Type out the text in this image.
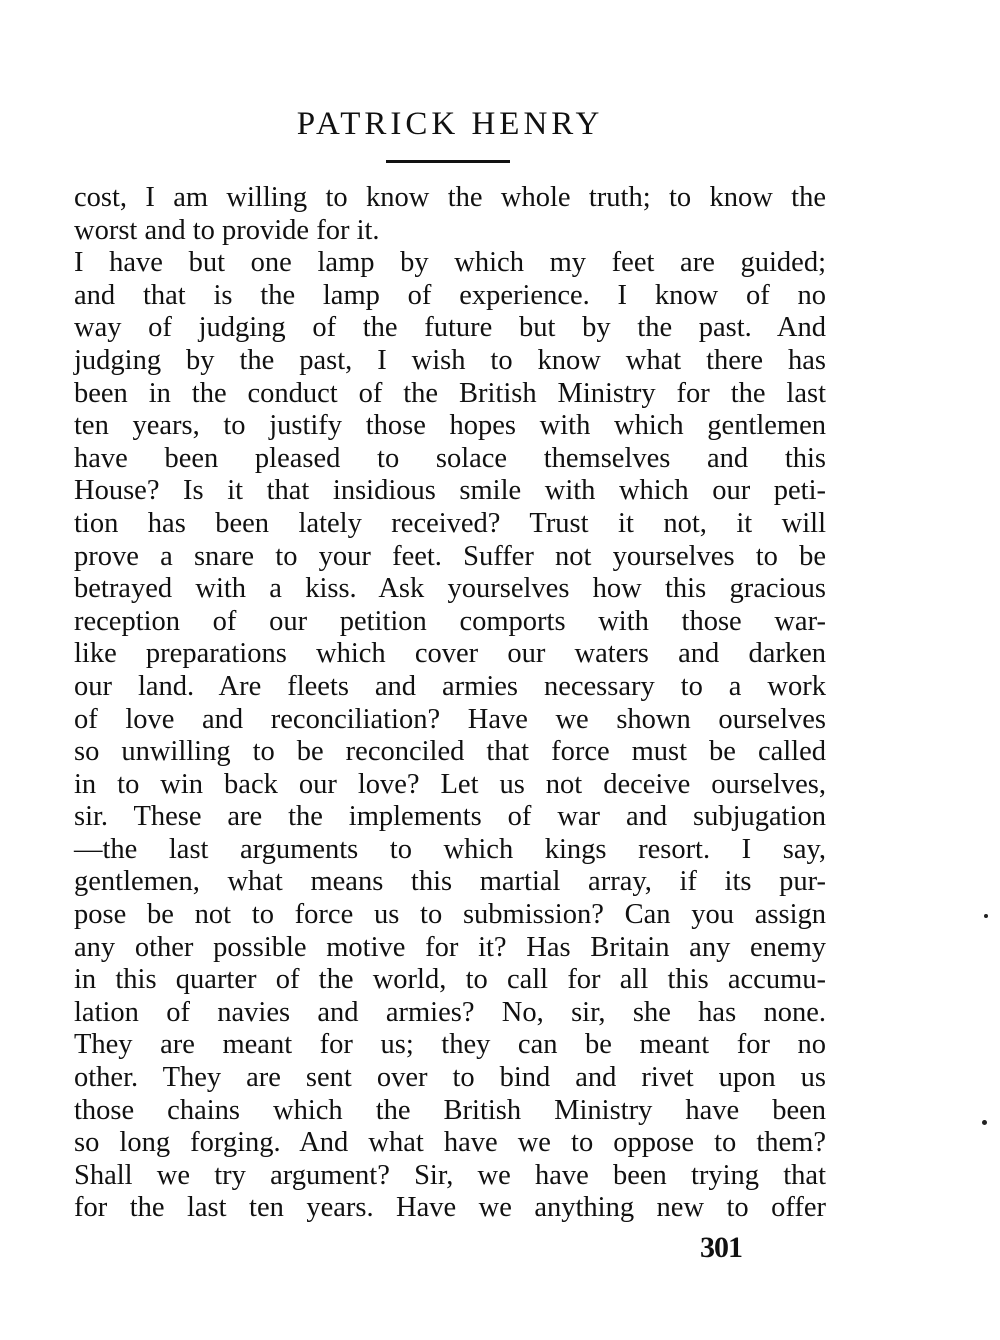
PATRICK HENRY
cost, I am willing to know the whole truth; to know the
worst and to provide for it.
I have but one lamp by which my feet are guided;
and that is the lamp of experience. I know of no
way of judging of the future but by the past. And
judging by the past, I wish to know what there has
been in the conduct of the British Ministry for the last
ten years, to justify those hopes with which gentlemen
have been pleased to solace themselves and this
House? Is it that insidious smile with which our peti-
tion has been lately received? Trust it not, it will
prove a snare to your feet. Suffer not yourselves to be
betrayed with a kiss. Ask yourselves how this gracious
reception of our petition comports with those war-
like preparations which cover our waters and darken
our land. Are fleets and armies necessary to a work
of love and reconciliation? Have we shown ourselves
so unwilling to be reconciled that force must be called
in to win back our love? Let us not deceive ourselves,
sir. These are the implements of war and subjugation
—the last arguments to which kings resort. I say,
gentlemen, what means this martial array, if its pur-
pose be not to force us to submission? Can you assign
any other possible motive for it? Has Britain any enemy
in this quarter of the world, to call for all this accumu-
lation of navies and armies? No, sir, she has none.
They are meant for us; they can be meant for no
other. They are sent over to bind and rivet upon us
those chains which the British Ministry have been
so long forging. And what have we to oppose to them?
Shall we try argument? Sir, we have been trying that
for the last ten years. Have we anything new to offer
301
